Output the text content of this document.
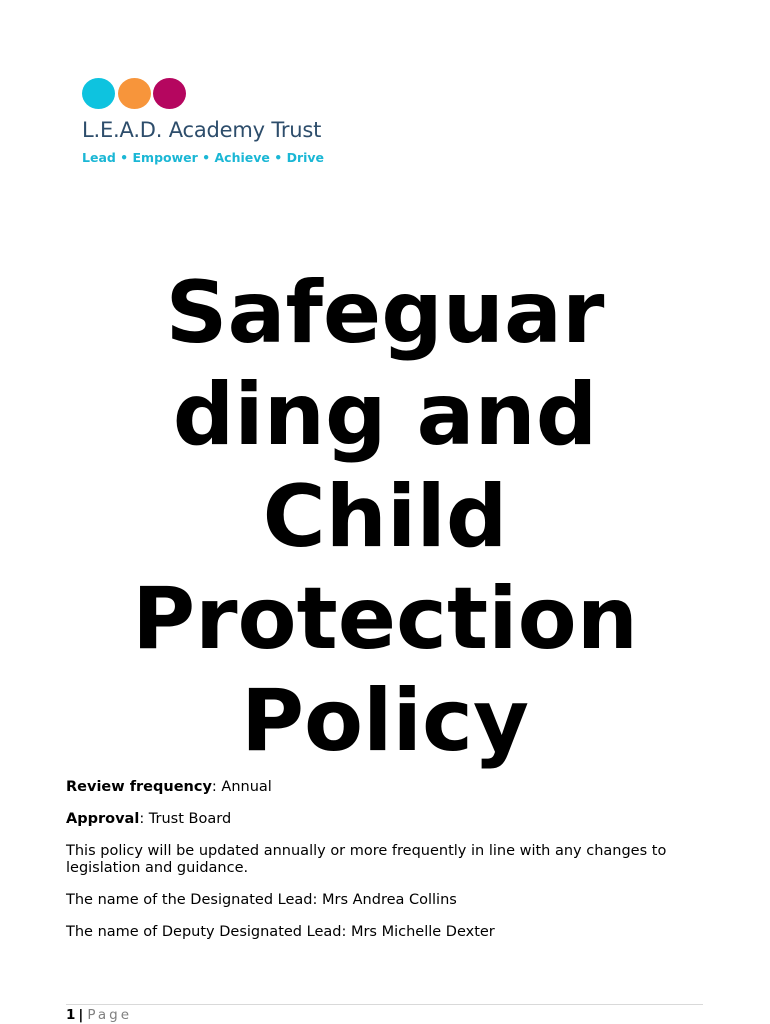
L.E.A.D. Academy Trust
Lead • Empower • Achieve • Drive
Safeguar
ding and
Child
Protection
Policy

Review frequency: Annual

Approval: Trust Board

This policy will be updated annually or more frequently in line with any changes to legislation and guidance.

The name of the Designated Lead: Mrs Andrea Collins

The name of Deputy Designated Lead: Mrs Michelle Dexter

1 | Page
